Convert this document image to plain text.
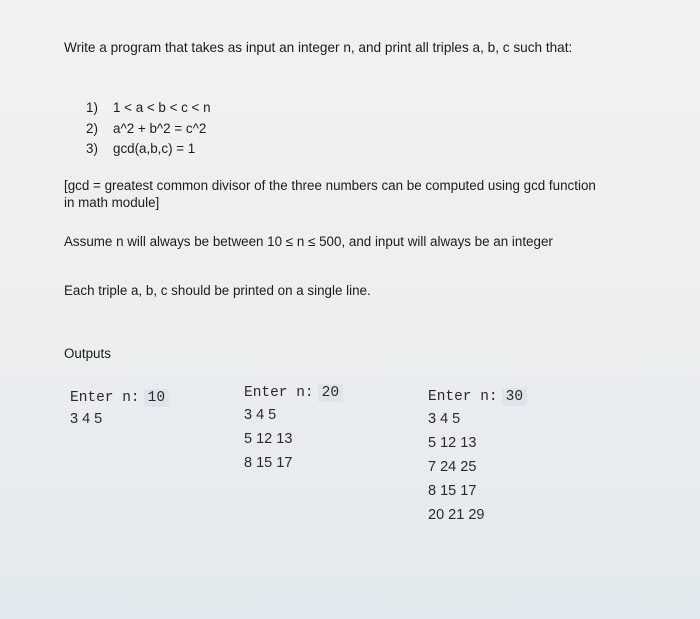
Write a program that takes as input an integer n, and print all triples a, b, c such that:
1) 1 < a < b < c < n
2) a^2 + b^2 = c^2
3) gcd(a,b,c) = 1
[gcd = greatest common divisor of the three numbers can be computed using gcd function
in math module]
Assume n will always be between 10 ≤ n ≤ 500, and input will always be an integer
Each triple a, b, c should be printed on a single line.
Outputs
Enter n: 10
3 4 5
Enter n: 20
3 4 5
5 12 13
8 15 17
Enter n: 30
3 4 5
5 12 13
7 24 25
8 15 17
20 21 29
